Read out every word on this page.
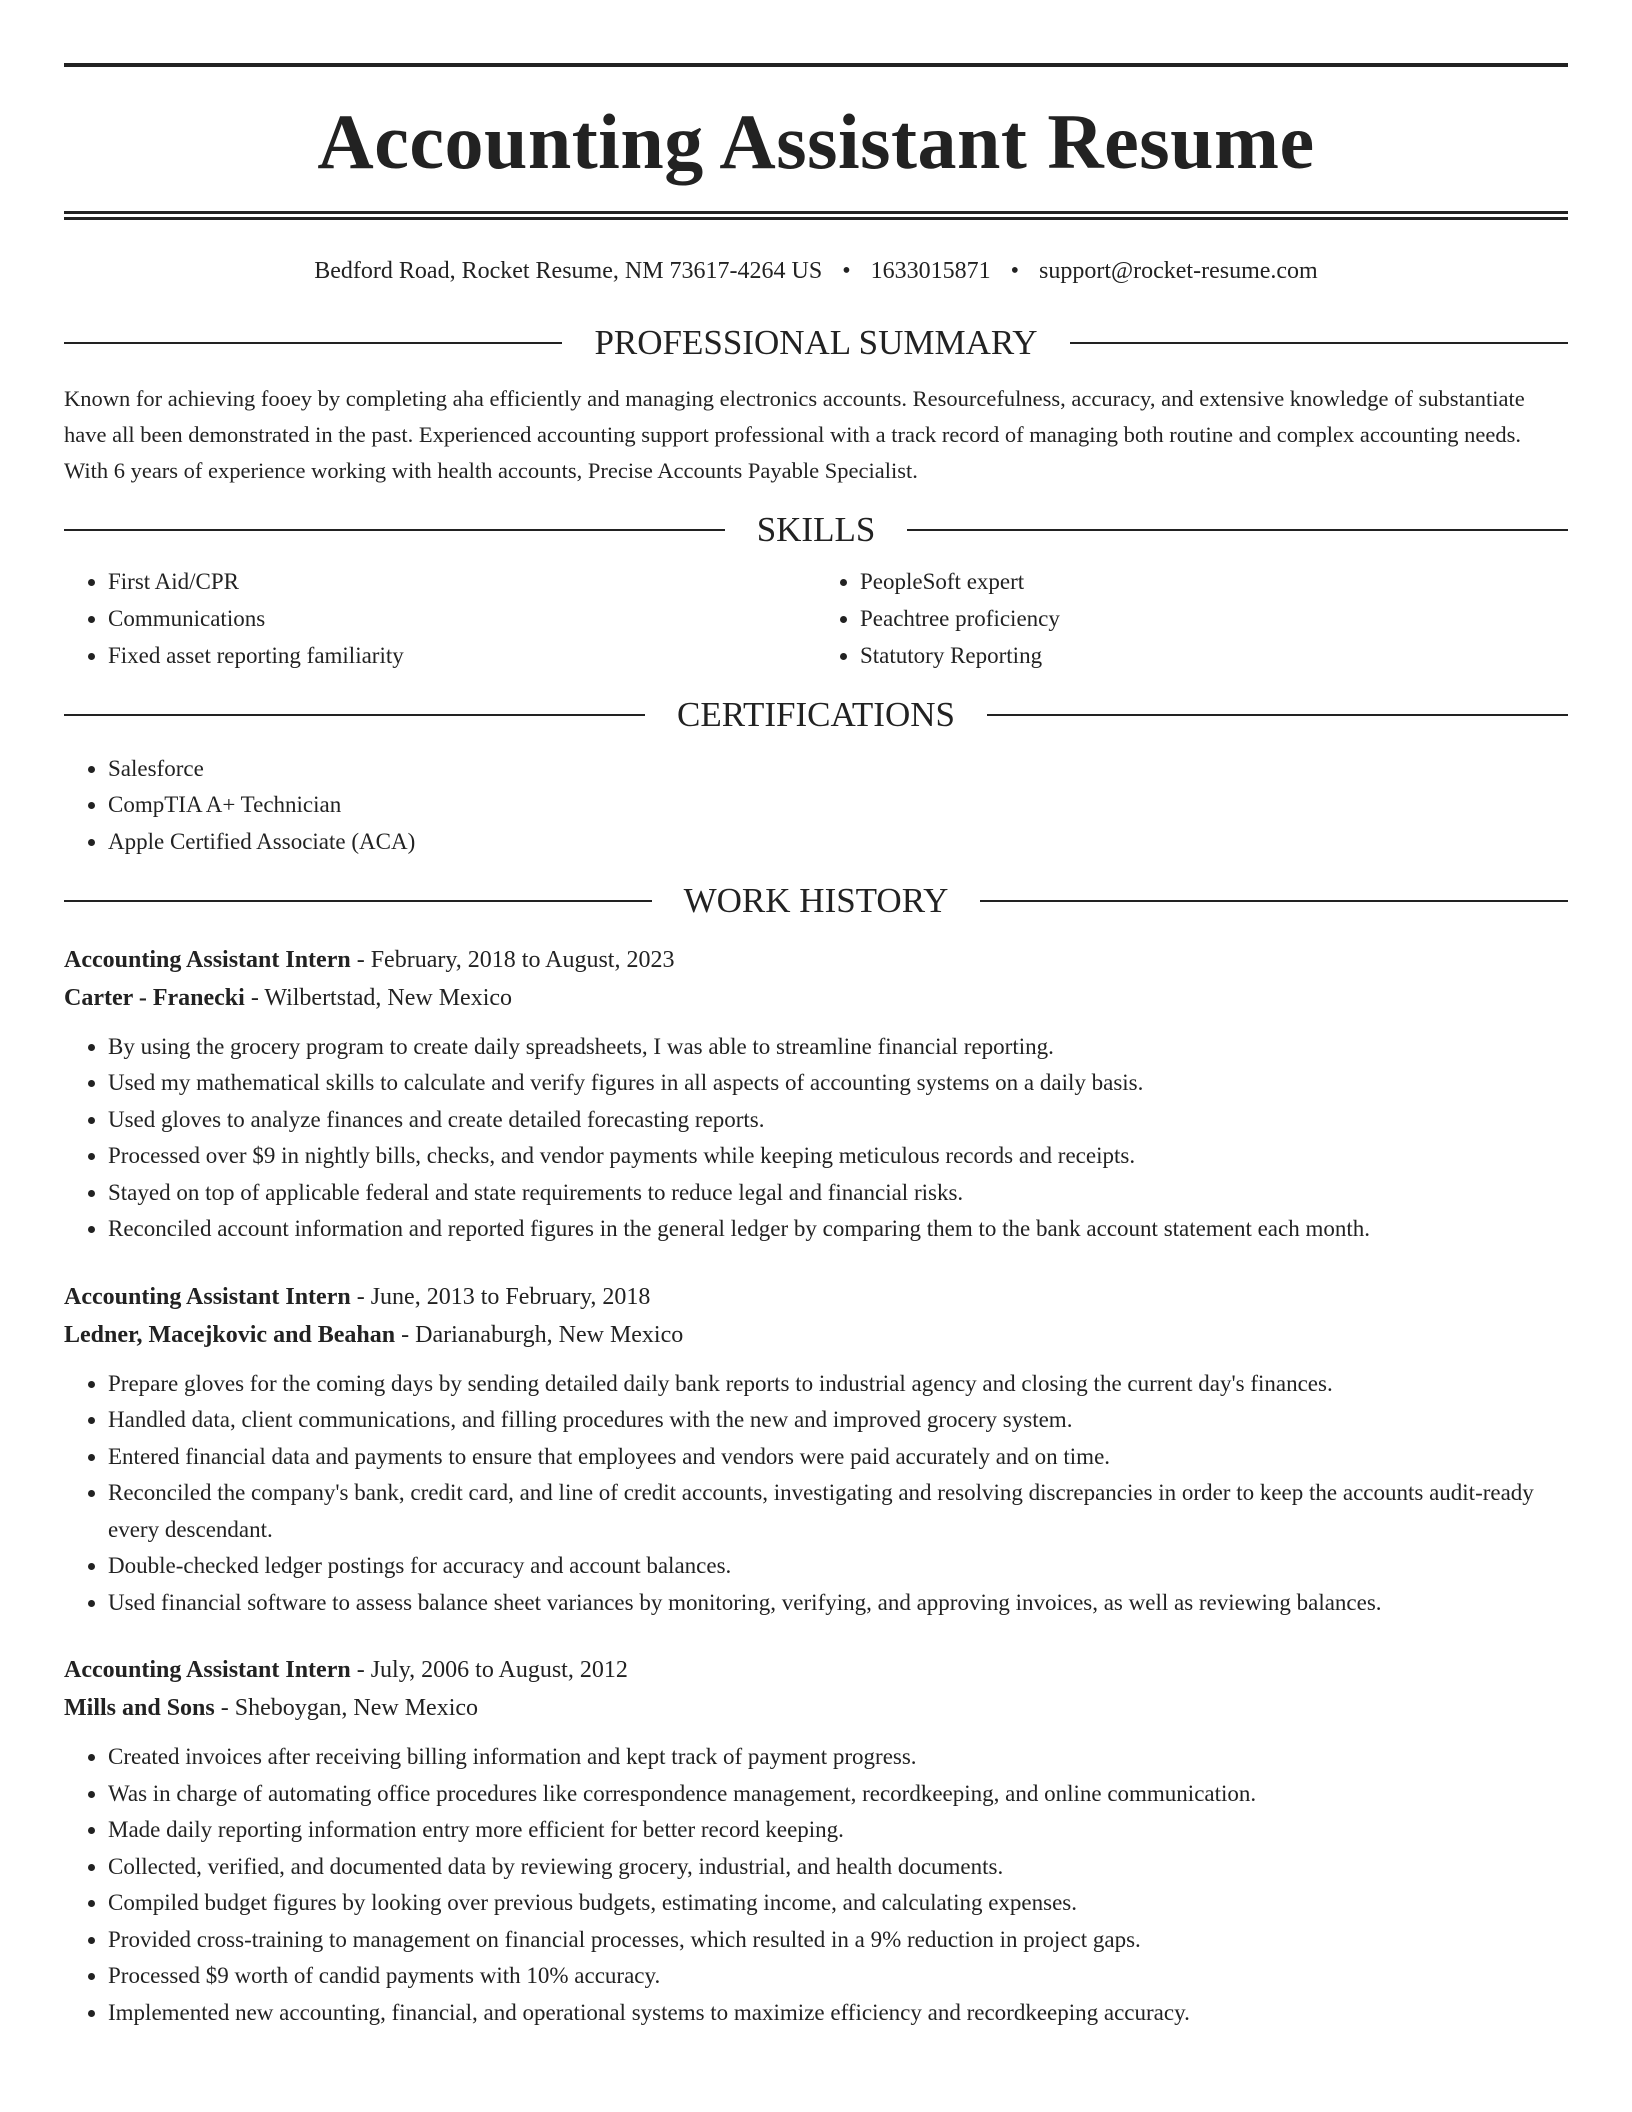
Accounting Assistant Resume
Bedford Road, Rocket Resume, NM 73617-4264 US • 1633015871 • support@rocket-resume.com
PROFESSIONAL SUMMARY

Known for achieving fooey by completing aha efficiently and managing electronics accounts. Resourcefulness, accuracy, and extensive knowledge of substantiate have all been demonstrated in the past. Experienced accounting support professional with a track record of managing both routine and complex accounting needs. With 6 years of experience working with health accounts, Precise Accounts Payable Specialist.

SKILLS
• First Aid/CPR
• Communications
• Fixed asset reporting familiarity
• PeopleSoft expert
• Peachtree proficiency
• Statutory Reporting
CERTIFICATIONS
• Salesforce
• CompTIA A+ Technician
• Apple Certified Associate (ACA)
WORK HISTORY
Accounting Assistant Intern - February, 2018 to August, 2023
Carter - Franecki - Wilbertstad, New Mexico
• By using the grocery program to create daily spreadsheets, I was able to streamline financial reporting.
• Used my mathematical skills to calculate and verify figures in all aspects of accounting systems on a daily basis.
• Used gloves to analyze finances and create detailed forecasting reports.
• Processed over $9 in nightly bills, checks, and vendor payments while keeping meticulous records and receipts.
• Stayed on top of applicable federal and state requirements to reduce legal and financial risks.
• Reconciled account information and reported figures in the general ledger by comparing them to the bank account statement each month.
Accounting Assistant Intern - June, 2013 to February, 2018
Ledner, Macejkovic and Beahan - Darianaburgh, New Mexico
• Prepare gloves for the coming days by sending detailed daily bank reports to industrial agency and closing the current day's finances.
• Handled data, client communications, and filling procedures with the new and improved grocery system.
• Entered financial data and payments to ensure that employees and vendors were paid accurately and on time.
• Reconciled the company's bank, credit card, and line of credit accounts, investigating and resolving discrepancies in order to keep the accounts audit-ready every descendant.
• Double-checked ledger postings for accuracy and account balances.
• Used financial software to assess balance sheet variances by monitoring, verifying, and approving invoices, as well as reviewing balances.
Accounting Assistant Intern - July, 2006 to August, 2012
Mills and Sons - Sheboygan, New Mexico
• Created invoices after receiving billing information and kept track of payment progress.
• Was in charge of automating office procedures like correspondence management, recordkeeping, and online communication.
• Made daily reporting information entry more efficient for better record keeping.
• Collected, verified, and documented data by reviewing grocery, industrial, and health documents.
• Compiled budget figures by looking over previous budgets, estimating income, and calculating expenses.
• Provided cross-training to management on financial processes, which resulted in a 9% reduction in project gaps.
• Processed $9 worth of candid payments with 10% accuracy.
• Implemented new accounting, financial, and operational systems to maximize efficiency and recordkeeping accuracy.
